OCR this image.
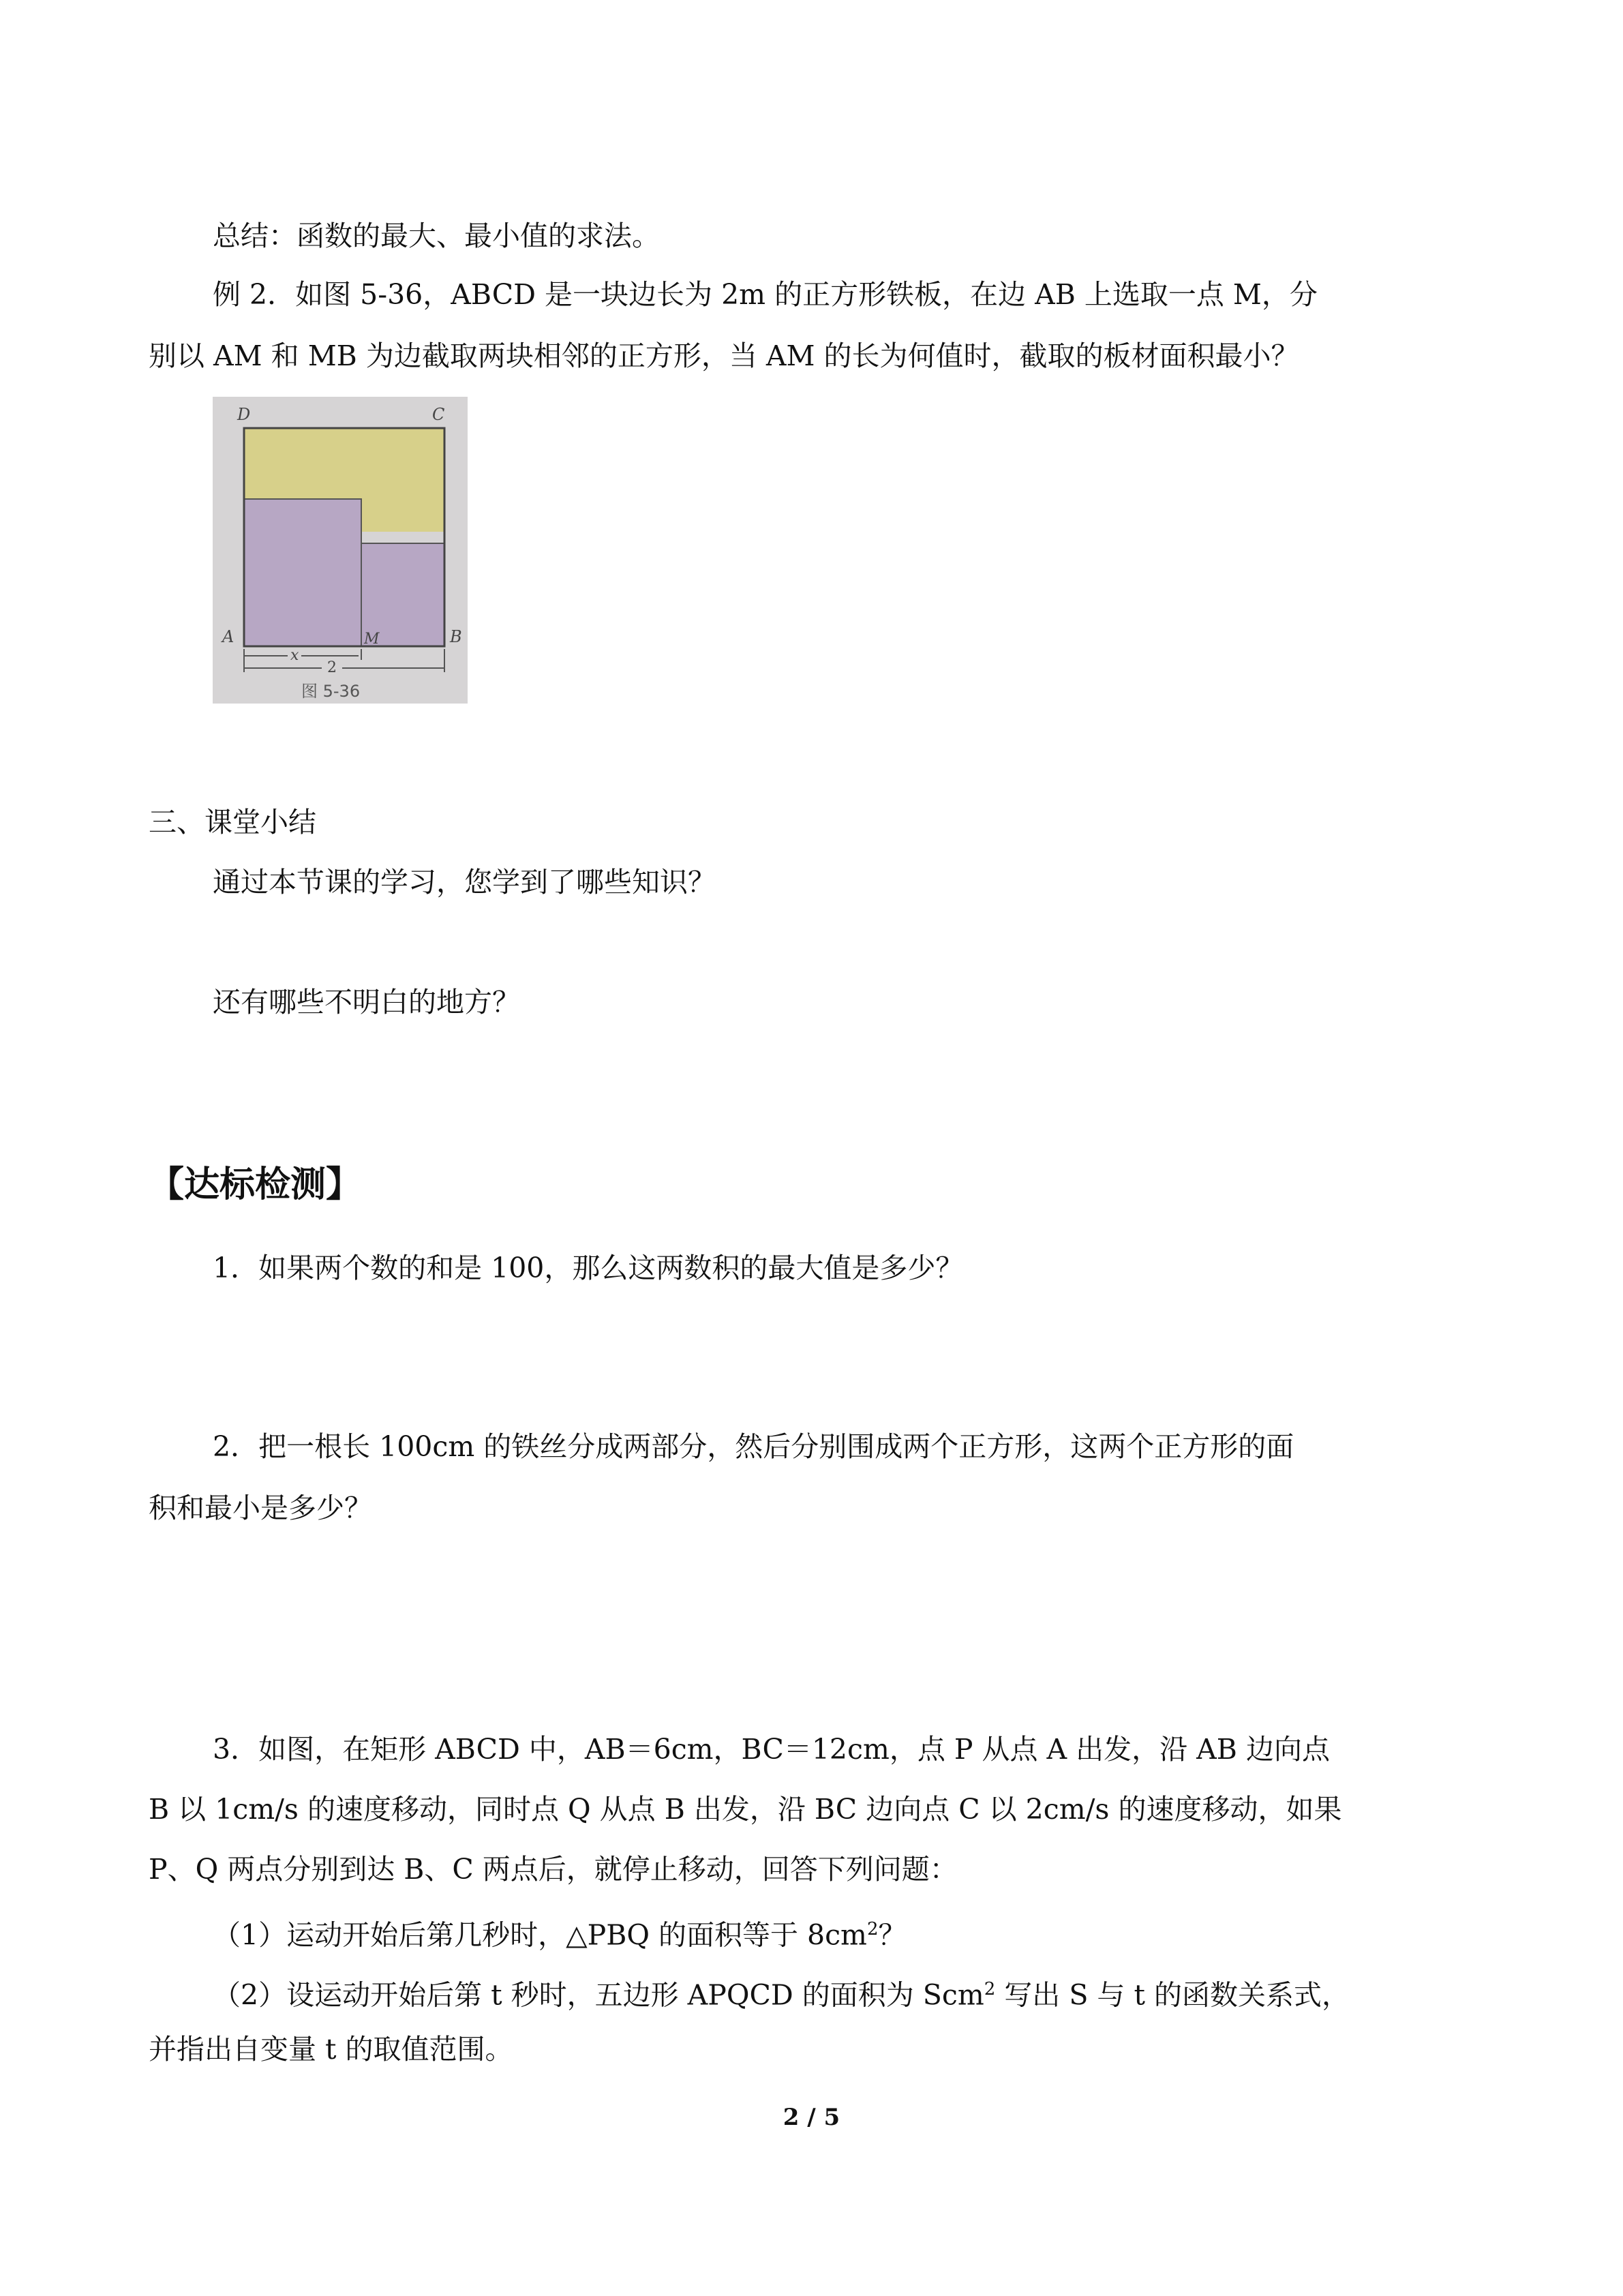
总结：函数的最大、最小值的求法。

例 2．如图 5-36，ABCD 是一块边长为 2m 的正方形铁板，在边 AB 上选取一点 M，分

别以 AM 和 MB 为边截取两块相邻的正方形，当 AM 的长为何值时，截取的板材面积最小？

D	C
A	B
M
x
2
图 5-36

三、课堂小结

通过本节课的学习，您学到了哪些知识？

还有哪些不明白的地方？

【达标检测】

1．如果两个数的和是 100，那么这两数积的最大值是多少？

2．把一根长 100cm 的铁丝分成两部分，然后分别围成两个正方形，这两个正方形的面

积和最小是多少？

3．如图，在矩形 ABCD 中，AB＝6cm，BC＝12cm，点 P 从点 A 出发，沿 AB 边向点

B 以 1cm/s 的速度移动，同时点 Q 从点 B 出发，沿 BC 边向点 C 以 2cm/s 的速度移动，如果

P、Q 两点分别到达 B、C 两点后，就停止移动，回答下列问题：

（1）运动开始后第几秒时，△PBQ 的面积等于 $8cm^2$？

（2）设运动开始后第 t 秒时，五边形 APQCD 的面积为 Scm$^2$ 写出 S 与 t 的函数关系式，

并指出自变量 t 的取值范围。

2 / 5
